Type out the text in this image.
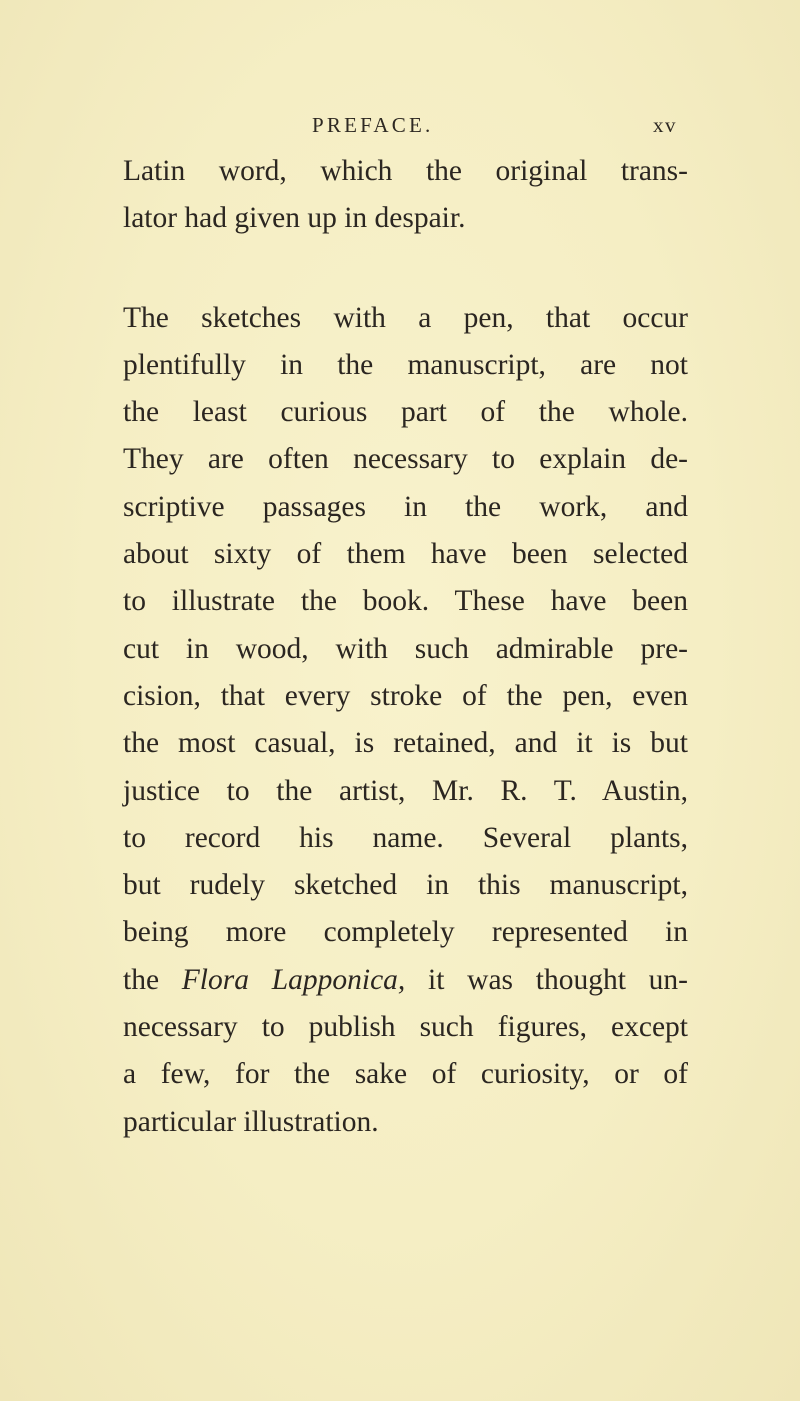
PREFACE.	xv

Latin word, which the original trans-
lator had given up in despair.

The sketches with a pen, that occur
plentifully in the manuscript, are not
the least curious part of the whole.
They are often necessary to explain de-
scriptive passages in the work, and
about sixty of them have been selected
to illustrate the book. These have been
cut in wood, with such admirable pre-
cision, that every stroke of the pen, even
the most casual, is retained, and it is but
justice to the artist, Mr. R. T. Austin,
to record his name. Several plants,
but rudely sketched in this manuscript,
being more completely represented in
the Flora Lapponica, it was thought un-
necessary to publish such figures, except
a few, for the sake of curiosity, or of
particular illustration.
